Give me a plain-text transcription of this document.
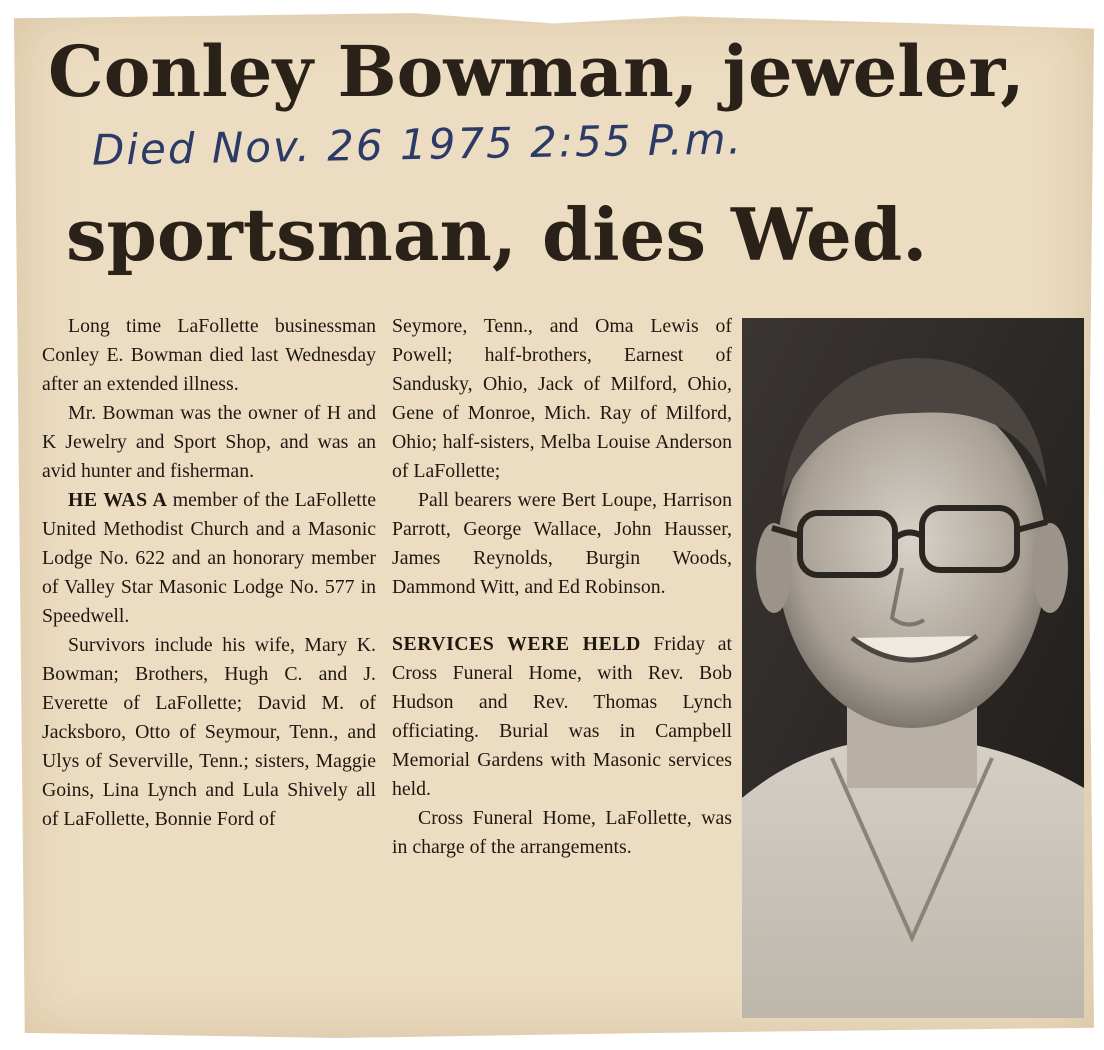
Conley Bowman, jeweler,
Died Nov. 26 1975 2:55 P.m.
sportsman, dies Wed.

Long time LaFollette businessman Conley E. Bowman died last Wednesday after an extended illness.

Mr. Bowman was the owner of H and K Jewelry and Sport Shop, and was an avid hunter and fisherman.

HE WAS A member of the LaFollette United Methodist Church and a Masonic Lodge No. 622 and an honorary member of Valley Star Masonic Lodge No. 577 in Speedwell.

Survivors include his wife, Mary K. Bowman; Brothers, Hugh C. and J. Everette of LaFollette; David M. of Jacksboro, Otto of Seymour, Tenn., and Ulys of Severville, Tenn.; sisters, Maggie Goins, Lina Lynch and Lula Shively all of LaFollette, Bonnie Ford of

Seymore, Tenn., and Oma Lewis of Powell; half-brothers, Earnest of Sandusky, Ohio, Jack of Milford, Ohio, Gene of Monroe, Mich. Ray of Milford, Ohio; half-sisters, Melba Louise Anderson of LaFollette;

Pall bearers were Bert Loupe, Harrison Parrott, George Wallace, John Hausser, James Reynolds, Burgin Woods, Dammond Witt, and Ed Robinson.

SERVICES WERE HELD Friday at Cross Funeral Home, with Rev. Bob Hudson and Rev. Thomas Lynch officiating. Burial was in Campbell Memorial Gardens with Masonic services held.

Cross Funeral Home, LaFollette, was in charge of the arrangements.
